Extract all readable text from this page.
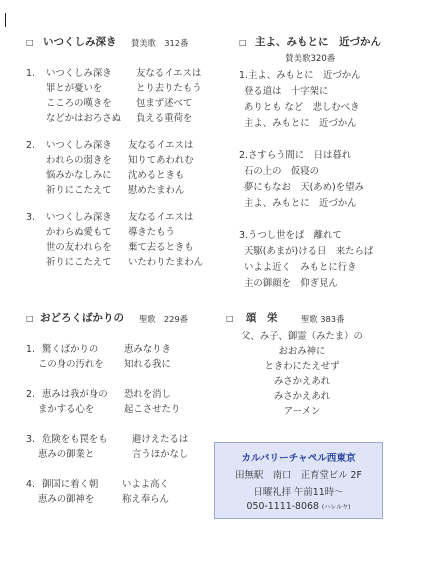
□ いつくしみ深き 賛美歌　312番
1. いつくしみ深き	友なるイエスは
罪とが憂いを	とり去りたもう
こころの嘆きを	包まず述べて
などかはおろさぬ 負える重荷を
2. いつくしみ深き 友なるイエスは
われらの弱きを 知りてあわれむ
悩みかなしみに 沈めるときも
祈りにこたえて 慰めたまわん
3. いつくしみ深き 友なるイエスは
かわらぬ愛もて 導きたもう
世の友われらを 棄て去るときも
祈りにこたえて いたわりたまわん
□ 主よ、みもとに　近づかん
賛美歌320番
1.主よ、みもとに　近づかん
登る道は　十字架に
ありとも など　悲しむべき
主よ、みもとに　近づかん
2.さすらう間に　日は暮れ
石の上の　仮寝の
夢にもなお　天(あめ)を望み
主よ、みもとに　近づかん
3.うつし世をば　離れて
天駆(あまが)ける日　来たらば
いよよ近く　みもとに行き
主の御顔を　仰ぎ見ん
□ おどろくばかりの 聖歌　229番
1. 驚くばかりの	恵みなりき
この身の汚れを 知れる我に
2. 恵みは我が身の 恐れを消し
まかする心を	起こさせたり
3. 危険をも罠をも	避けえたるは
恵みの御業と	言うほかなし
4. 御国に着く朝	いよよ高く
恵みの御神を	称え奉らん
□ 頌　栄	聖歌 383番
父、み子、御霊（みたま）の
おおみ神に
ときわにたえせず
みさかえあれ
みさかえあれ
アーメン
カルバリーチャペル西東京
田無駅　南口　正育堂ビル 2F
日曜礼拝 午前11時〜
050-1111-8068 (ハレルヤ)
